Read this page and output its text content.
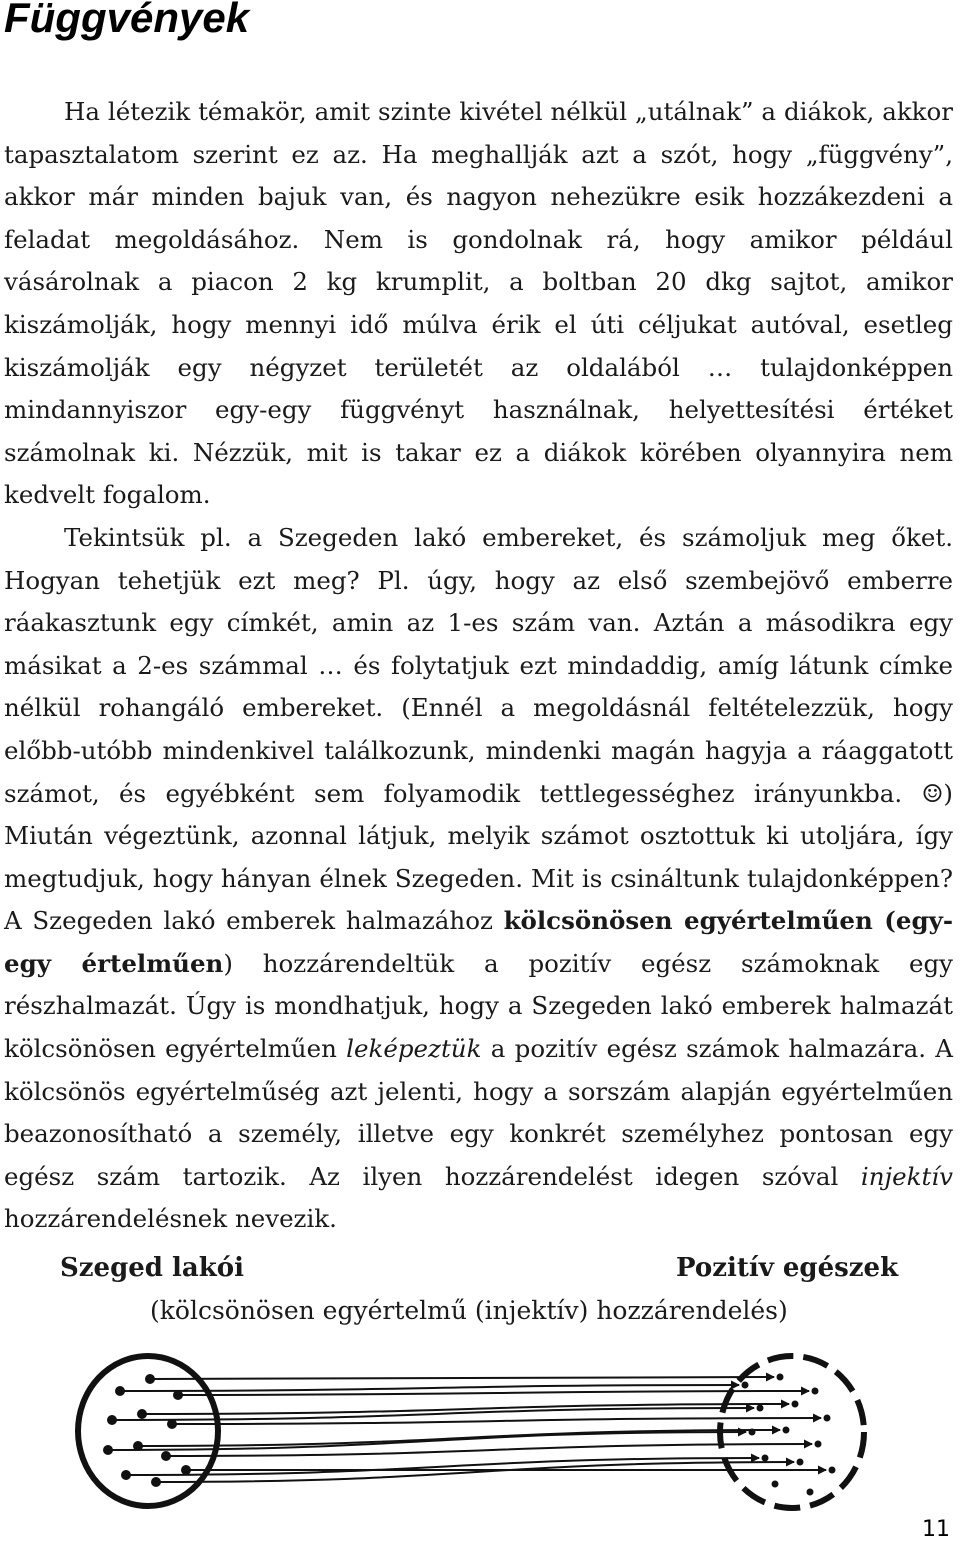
Függvények

Ha létezik témakör, amit szinte kivétel nélkül „utálnak” a diákok, akkor tapasztalatom szerint ez az. Ha meghallják azt a szót, hogy „függvény”, akkor már minden bajuk van, és nagyon nehezükre esik hozzákezdeni a feladat megoldásához. Nem is gondolnak rá, hogy amikor például vásárolnak a piacon 2 kg krumplit, a boltban 20 dkg sajtot, amikor kiszámolják, hogy mennyi idő múlva érik el úti céljukat autóval, esetleg kiszámolják egy négyzet területét az oldalából … tulajdonképpen mindannyiszor egy-egy függvényt használnak, helyettesítési értéket számolnak ki. Nézzük, mit is takar ez a diákok körében olyannyira nem kedvelt fogalom.

Tekintsük pl. a Szegeden lakó embereket, és számoljuk meg őket. Hogyan tehetjük ezt meg? Pl. úgy, hogy az első szembejövő emberre ráakasztunk egy címkét, amin az 1-es szám van. Aztán a másodikra egy másikat a 2-es számmal … és folytatjuk ezt mindaddig, amíg látunk címke nélkül rohangáló embereket. (Ennél a megoldásnál feltételezzük, hogy előbb-utóbb mindenkivel találkozunk, mindenki magán hagyja a ráaggatott számot, és egyébként sem folyamodik tettlegességhez irányunkba. ☺) Miután végeztünk, azonnal látjuk, melyik számot osztottuk ki utoljára, így megtudjuk, hogy hányan élnek Szegeden. Mit is csináltunk tulajdonképpen? A Szegeden lakó emberek halmazához kölcsönösen egyértelműen (egy-egy értelműen) hozzárendeltük a pozitív egész számoknak egy részhalmazát. Úgy is mondhatjuk, hogy a Szegeden lakó emberek halmazát kölcsönösen egyértelműen leképeztük a pozitív egész számok halmazára. A kölcsönös egyértelműség azt jelenti, hogy a sorszám alapján egyértelműen beazonosítható a személy, illetve egy konkrét személyhez pontosan egy egész szám tartozik. Az ilyen hozzárendelést idegen szóval injektív hozzárendelésnek nevezik.

Szeged lakói	Pozitív egészek
(kölcsönösen egyértelmű (injektív) hozzárendelés)
11
